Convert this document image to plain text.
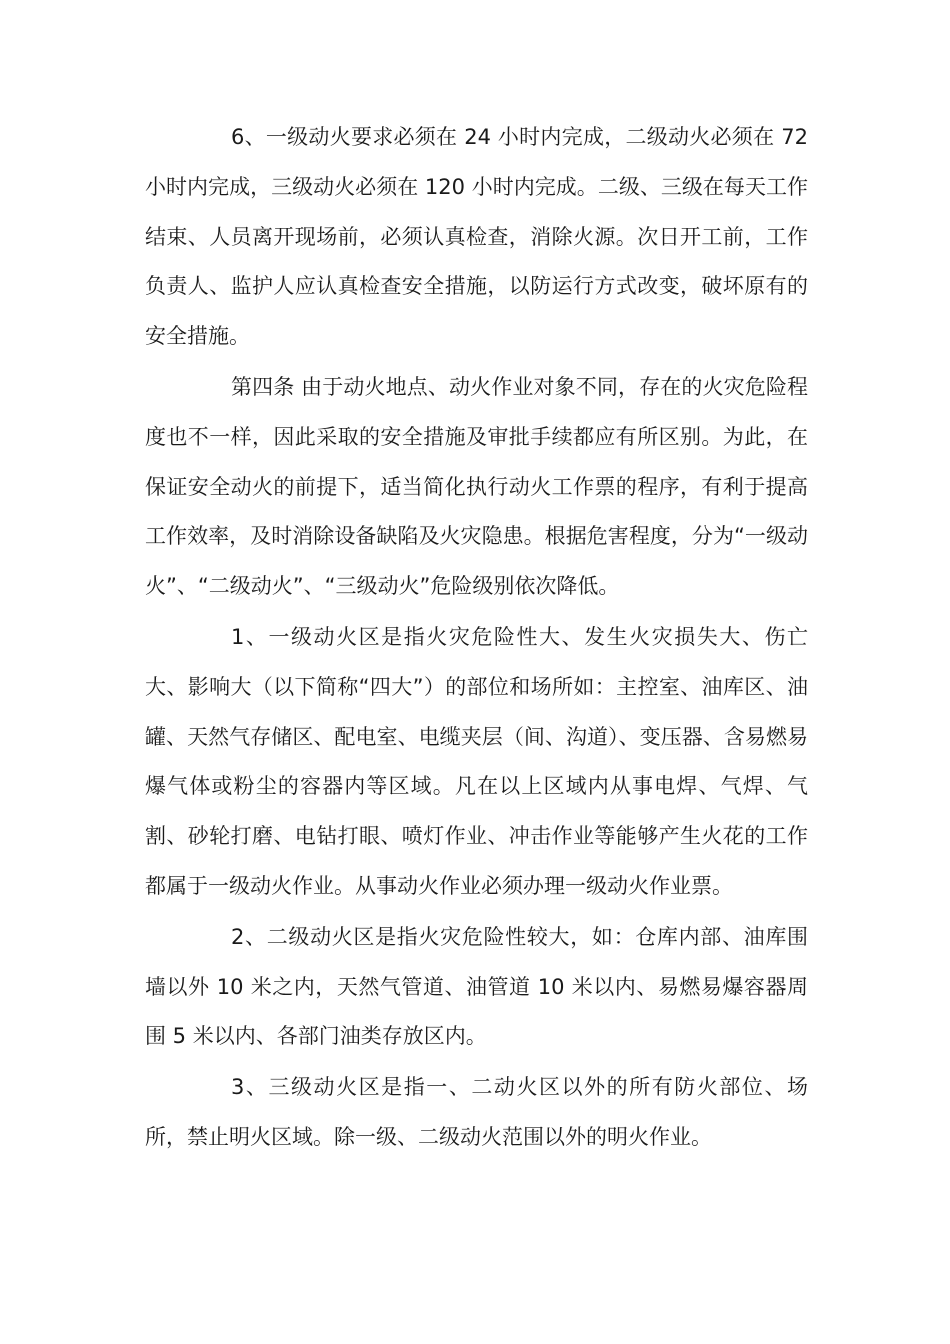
6、一级动火要求必须在 24 小时内完成，二级动火必须在 72 小时内完成，三级动火必须在 120 小时内完成。二级、三级在每天工作结束、人员离开现场前，必须认真检查，消除火源。次日开工前，工作负责人、监护人应认真检查安全措施，以防运行方式改变，破坏原有的安全措施。

第四条 由于动火地点、动火作业对象不同，存在的火灾危险程度也不一样，因此采取的安全措施及审批手续都应有所区别。为此，在保证安全动火的前提下，适当简化执行动火工作票的程序，有利于提高工作效率，及时消除设备缺陷及火灾隐患。根据危害程度，分为“一级动火”、“二级动火”、“三级动火”危险级别依次降低。

1、一级动火区是指火灾危险性大、发生火灾损失大、伤亡大、影响大（以下简称“四大”）的部位和场所如：主控室、油库区、油罐、天然气存储区、配电室、电缆夹层（间、沟道）、变压器、含易燃易爆气体或粉尘的容器内等区域。凡在以上区域内从事电焊、气焊、气割、砂轮打磨、电钻打眼、喷灯作业、冲击作业等能够产生火花的工作都属于一级动火作业。从事动火作业必须办理一级动火作业票。

2、二级动火区是指火灾危险性较大，如：仓库内部、油库围墙以外 10 米之内，天然气管道、油管道 10 米以内、易燃易爆容器周围 5 米以内、各部门油类存放区内。

3、三级动火区是指一、二动火区以外的所有防火部位、场所，禁止明火区域。除一级、二级动火范围以外的明火作业。
